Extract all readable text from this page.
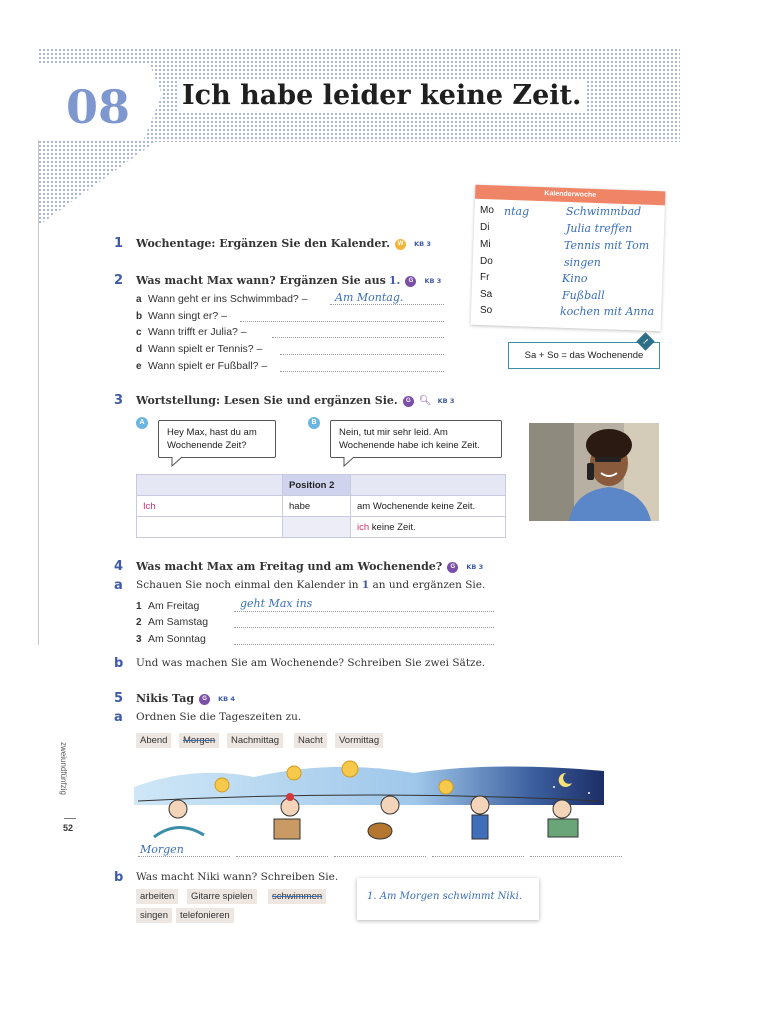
08 Ich habe leider keine Zeit.
Kalenderwoche
Mo ntag	Schwimmbad
Di	Julia treffen
Mi	Tennis mit Tom
Do	singen
Fr	Kino
Sa	Fußball
So	kochen mit Anna
Sa + So = das Wochenende
!
1 Wochentage: Ergänzen Sie den Kalender. W KB 3
2 Was macht Max wann? Ergänzen Sie aus 1. G KB 3
a Wann geht er ins Schwimmbad? – Am Montag.
b Wann singt er? –
c Wann trifft er Julia? –
d Wann spielt er Tennis? –
e Wann spielt er Fußball? –
3 Wortstellung: Lesen Sie und ergänzen Sie. G 🔍︎ KB 3
A
Hey Max, hast du am Wochenende Zeit?
B
Nein, tut mir sehr leid. Am Wochenende habe ich keine Zeit.
	Position 2	
Ich	habe	am Wochenende keine Zeit.
		ich keine Zeit.
4 Was macht Max am Freitag und am Wochenende? G KB 3
a Schauen Sie noch einmal den Kalender in 1 an und ergänzen Sie.
1 Am Freitag	geht Max ins
2 Am Samstag
3 Am Sonntag
b Und was machen Sie am Wochenende? Schreiben Sie zwei Sätze.
5 Nikis Tag G KB 4
a Ordnen Sie die Tageszeiten zu.
Abend	Morgen	Nachmittag	Nacht	Vormittag
Morgen
b Was macht Niki wann? Schreiben Sie.
arbeiten	Gitarre spielen	schwimmen
singen	telefonieren
1. Am Morgen schwimmt Niki.
zweiundfünfzig
52
